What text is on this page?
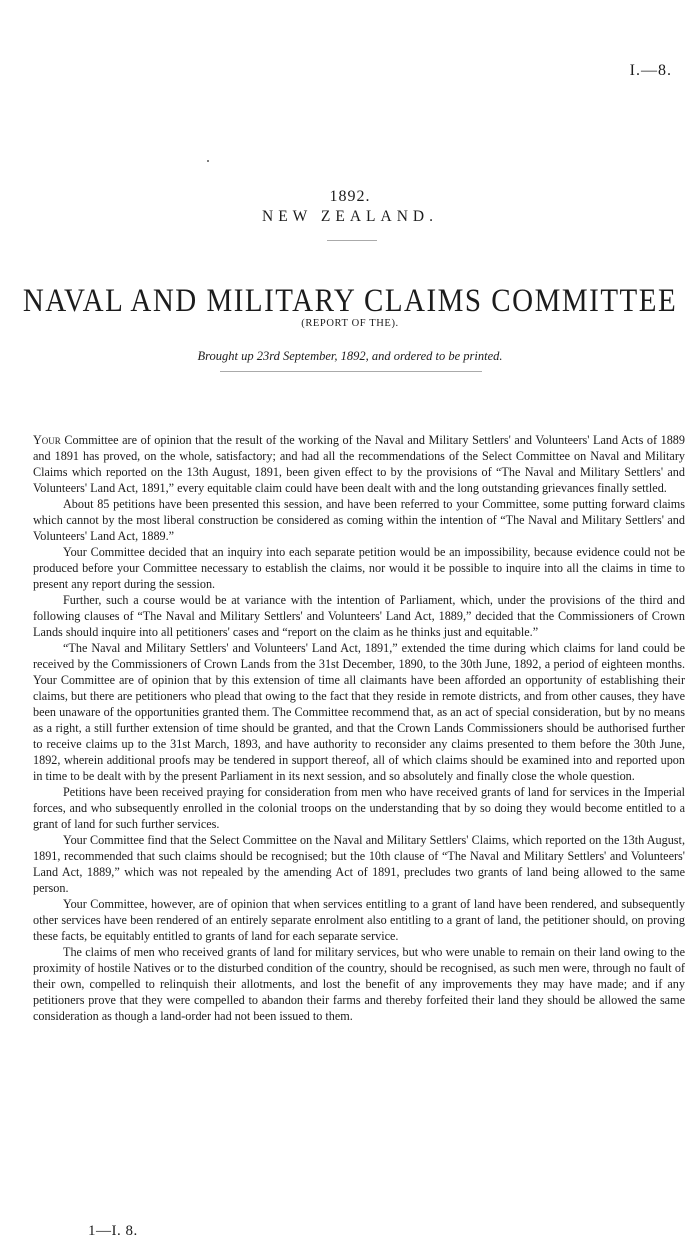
I.—8.
1892.
NEW ZEALAND.
NAVAL AND MILITARY CLAIMS COMMITTEE
(REPORT OF THE).
Brought up 23rd September, 1892, and ordered to be printed.

Your Committee are of opinion that the result of the working of the Naval and Military Settlers' and Volunteers' Land Acts of 1889 and 1891 has proved, on the whole, satisfactory; and had all the recommendations of the Select Committee on Naval and Military Claims which reported on the 13th August, 1891, been given effect to by the provisions of “The Naval and Military Settlers' and Volunteers' Land Act, 1891,” every equitable claim could have been dealt with and the long outstanding grievances finally settled.

About 85 petitions have been presented this session, and have been referred to your Committee, some putting forward claims which cannot by the most liberal construction be considered as coming within the intention of “The Naval and Military Settlers' and Volunteers' Land Act, 1889.”

Your Committee decided that an inquiry into each separate petition would be an impossibility, because evidence could not be produced before your Committee necessary to establish the claims, nor would it be possible to inquire into all the claims in time to present any report during the session.

Further, such a course would be at variance with the intention of Parliament, which, under the provisions of the third and following clauses of “The Naval and Military Settlers' and Volunteers' Land Act, 1889,” decided that the Commissioners of Crown Lands should inquire into all petitioners' cases and “report on the claim as he thinks just and equitable.”

“The Naval and Military Settlers' and Volunteers' Land Act, 1891,” extended the time during which claims for land could be received by the Commissioners of Crown Lands from the 31st December, 1890, to the 30th June, 1892, a period of eighteen months. Your Committee are of opinion that by this extension of time all claimants have been afforded an opportunity of establishing their claims, but there are petitioners who plead that owing to the fact that they reside in remote districts, and from other causes, they have been unaware of the opportunities granted them. The Committee recommend that, as an act of special consideration, but by no means as a right, a still further extension of time should be granted, and that the Crown Lands Commissioners should be authorised further to receive claims up to the 31st March, 1893, and have authority to reconsider any claims presented to them before the 30th June, 1892, wherein additional proofs may be tendered in support thereof, all of which claims should be examined into and reported upon in time to be dealt with by the present Parliament in its next session, and so absolutely and finally close the whole question.

Petitions have been received praying for consideration from men who have received grants of land for services in the Imperial forces, and who subsequently enrolled in the colonial troops on the understanding that by so doing they would become entitled to a grant of land for such further services.

Your Committee find that the Select Committee on the Naval and Military Settlers' Claims, which reported on the 13th August, 1891, recommended that such claims should be recognised; but the 10th clause of “The Naval and Military Settlers' and Volunteers' Land Act, 1889,” which was not repealed by the amending Act of 1891, precludes two grants of land being allowed to the same person.

Your Committee, however, are of opinion that when services entitling to a grant of land have been rendered, and subsequently other services have been rendered of an entirely separate enrolment also entitling to a grant of land, the petitioner should, on proving these facts, be equitably entitled to grants of land for each separate service.

The claims of men who received grants of land for military services, but who were unable to remain on their land owing to the proximity of hostile Natives or to the disturbed condition of the country, should be recognised, as such men were, through no fault of their own, compelled to relinquish their allotments, and lost the benefit of any improvements they may have made; and if any petitioners prove that they were compelled to abandon their farms and thereby forfeited their land they should be allowed the same consideration as though a land-order had not been issued to them.

1—I. 8.
